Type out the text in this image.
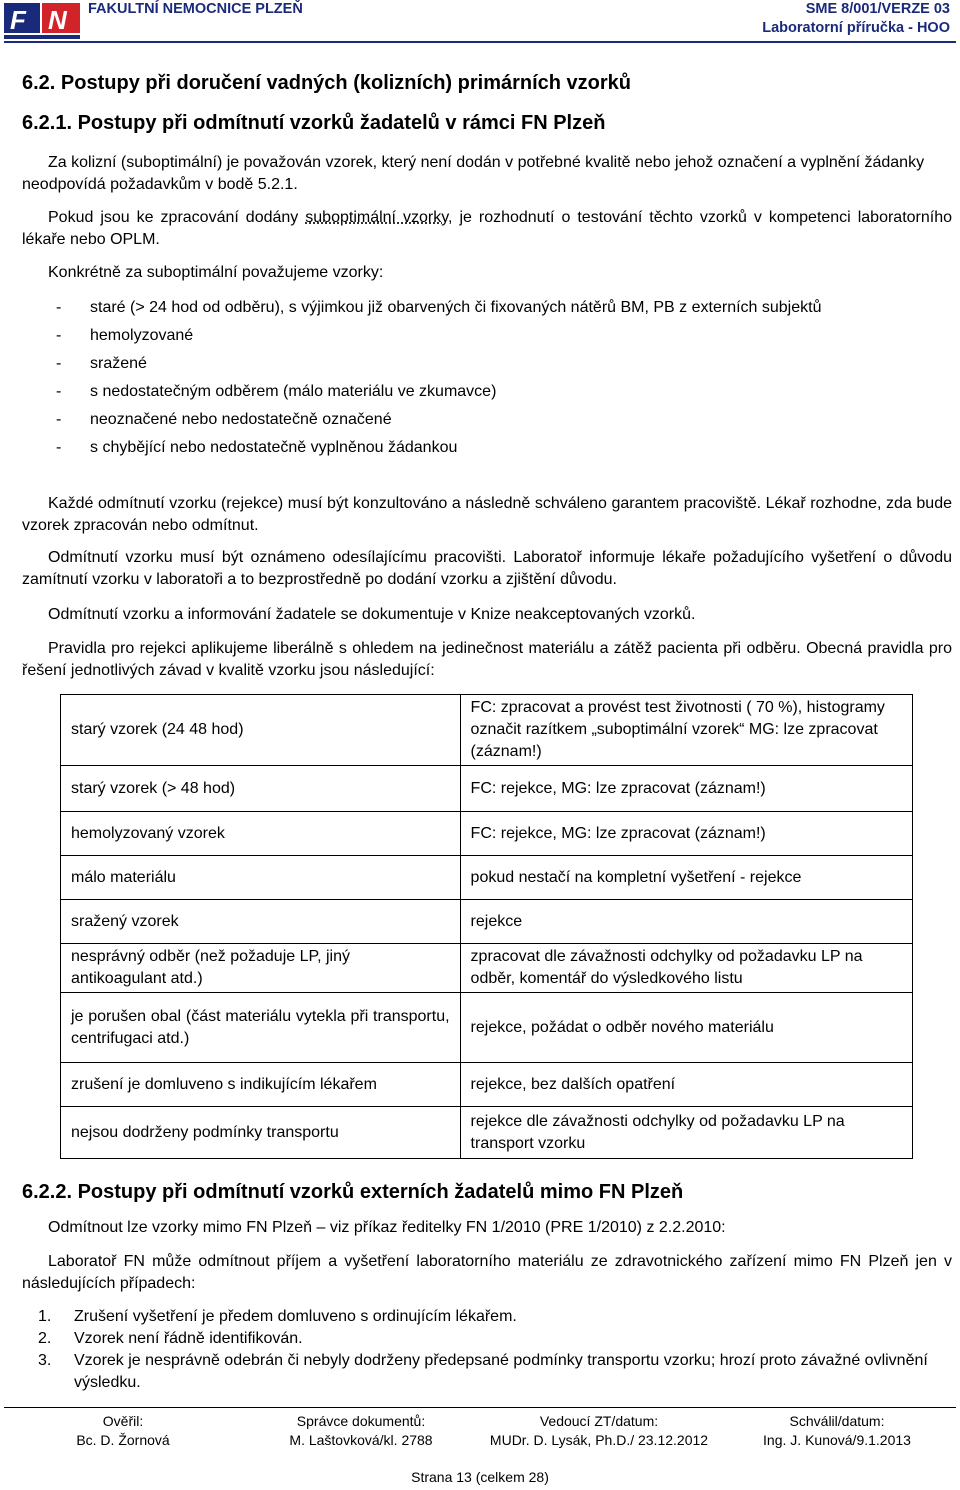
F N FAKULTNÍ NEMOCNICE PLZEŇ	SME 8/001/VERZE 03
Laboratorní příručka - HOO
6.2. Postupy při doručení vadných (kolizních) primárních vzorků
6.2.1. Postupy při odmítnutí vzorků žadatelů v rámci FN Plzeň
Za kolizní (suboptimální) je považován vzorek, který není dodán v potřebné kvalitě nebo jehož označení a vyplnění žádanky neodpovídá požadavkům v bodě 5.2.1.
Pokud jsou ke zpracování dodány suboptimální vzorky, je rozhodnutí o testování těchto vzorků v kompetenci laboratorního lékaře nebo OPLM.
Konkrétně za suboptimální považujeme vzorky:
- staré (> 24 hod od odběru), s výjimkou již obarvených či fixovaných nátěrů BM, PB z externích subjektů
- hemolyzované
- sražené
- s nedostatečným odběrem (málo materiálu ve zkumavce)
- neoznačené nebo nedostatečně označené
- s chybějící nebo nedostatečně vyplněnou žádankou
Každé odmítnutí vzorku (rejekce) musí být konzultováno a následně schváleno garantem pracoviště. Lékař rozhodne, zda bude vzorek zpracován nebo odmítnut.
Odmítnutí vzorku musí být oznámeno odesílajícímu pracovišti. Laboratoř informuje lékaře požadujícího vyšetření o důvodu zamítnutí vzorku v laboratoři a to bezprostředně po dodání vzorku a zjištění důvodu.
Odmítnutí vzorku a informování žadatele se dokumentuje v Knize neakceptovaných vzorků.
Pravidla pro rejekci aplikujeme liberálně s ohledem na jedinečnost materiálu a zátěž pacienta při odběru. Obecná pravidla pro řešení jednotlivých závad v kvalitě vzorku jsou následující:
starý vzorek (24 48 hod)	FC: zpracovat a provést test životnosti ( 70 %), histogramy označit razítkem „suboptimální vzorek“ MG: lze zpracovat (záznam!)
starý vzorek (> 48 hod)	FC: rejekce, MG: lze zpracovat (záznam!)
hemolyzovaný vzorek	FC: rejekce, MG: lze zpracovat (záznam!)
málo materiálu	pokud nestačí na kompletní vyšetření - rejekce
sražený vzorek	rejekce
nesprávný odběr (než požaduje LP, jiný antikoagulant atd.)	zpracovat dle závažnosti odchylky od požadavku LP na odběr, komentář do výsledkového listu
je porušen obal (část materiálu vytekla při transportu, centrifugaci atd.)	rejekce, požádat o odběr nového materiálu
zrušení je domluveno s indikujícím lékařem	rejekce, bez dalších opatření
nejsou dodrženy podmínky transportu	rejekce dle závažnosti odchylky od požadavku LP na transport vzorku
6.2.2. Postupy při odmítnutí vzorků externích žadatelů mimo FN Plzeň
Odmítnout lze vzorky mimo FN Plzeň – viz příkaz ředitelky FN 1/2010 (PRE 1/2010) z 2.2.2010:
Laboratoř FN může odmítnout příjem a vyšetření laboratorního materiálu ze zdravotnického zařízení mimo FN Plzeň jen v následujících případech:
1. Zrušení vyšetření je předem domluveno s ordinujícím lékařem.
2. Vzorek není řádně identifikován.
3. Vzorek je nesprávně odebrán či nebyly dodrženy předepsané podmínky transportu vzorku; hrozí proto závažné ovlivnění výsledku.
Ověřil:
Bc. D. Žornová

Správce dokumentů:
M. Laštovková/kl. 2788

Vedoucí ZT/datum:
MUDr. D. Lysák, Ph.D./ 23.12.2012

Schválil/datum:
Ing. J. Kunová/9.1.2013
Strana 13 (celkem 28)
